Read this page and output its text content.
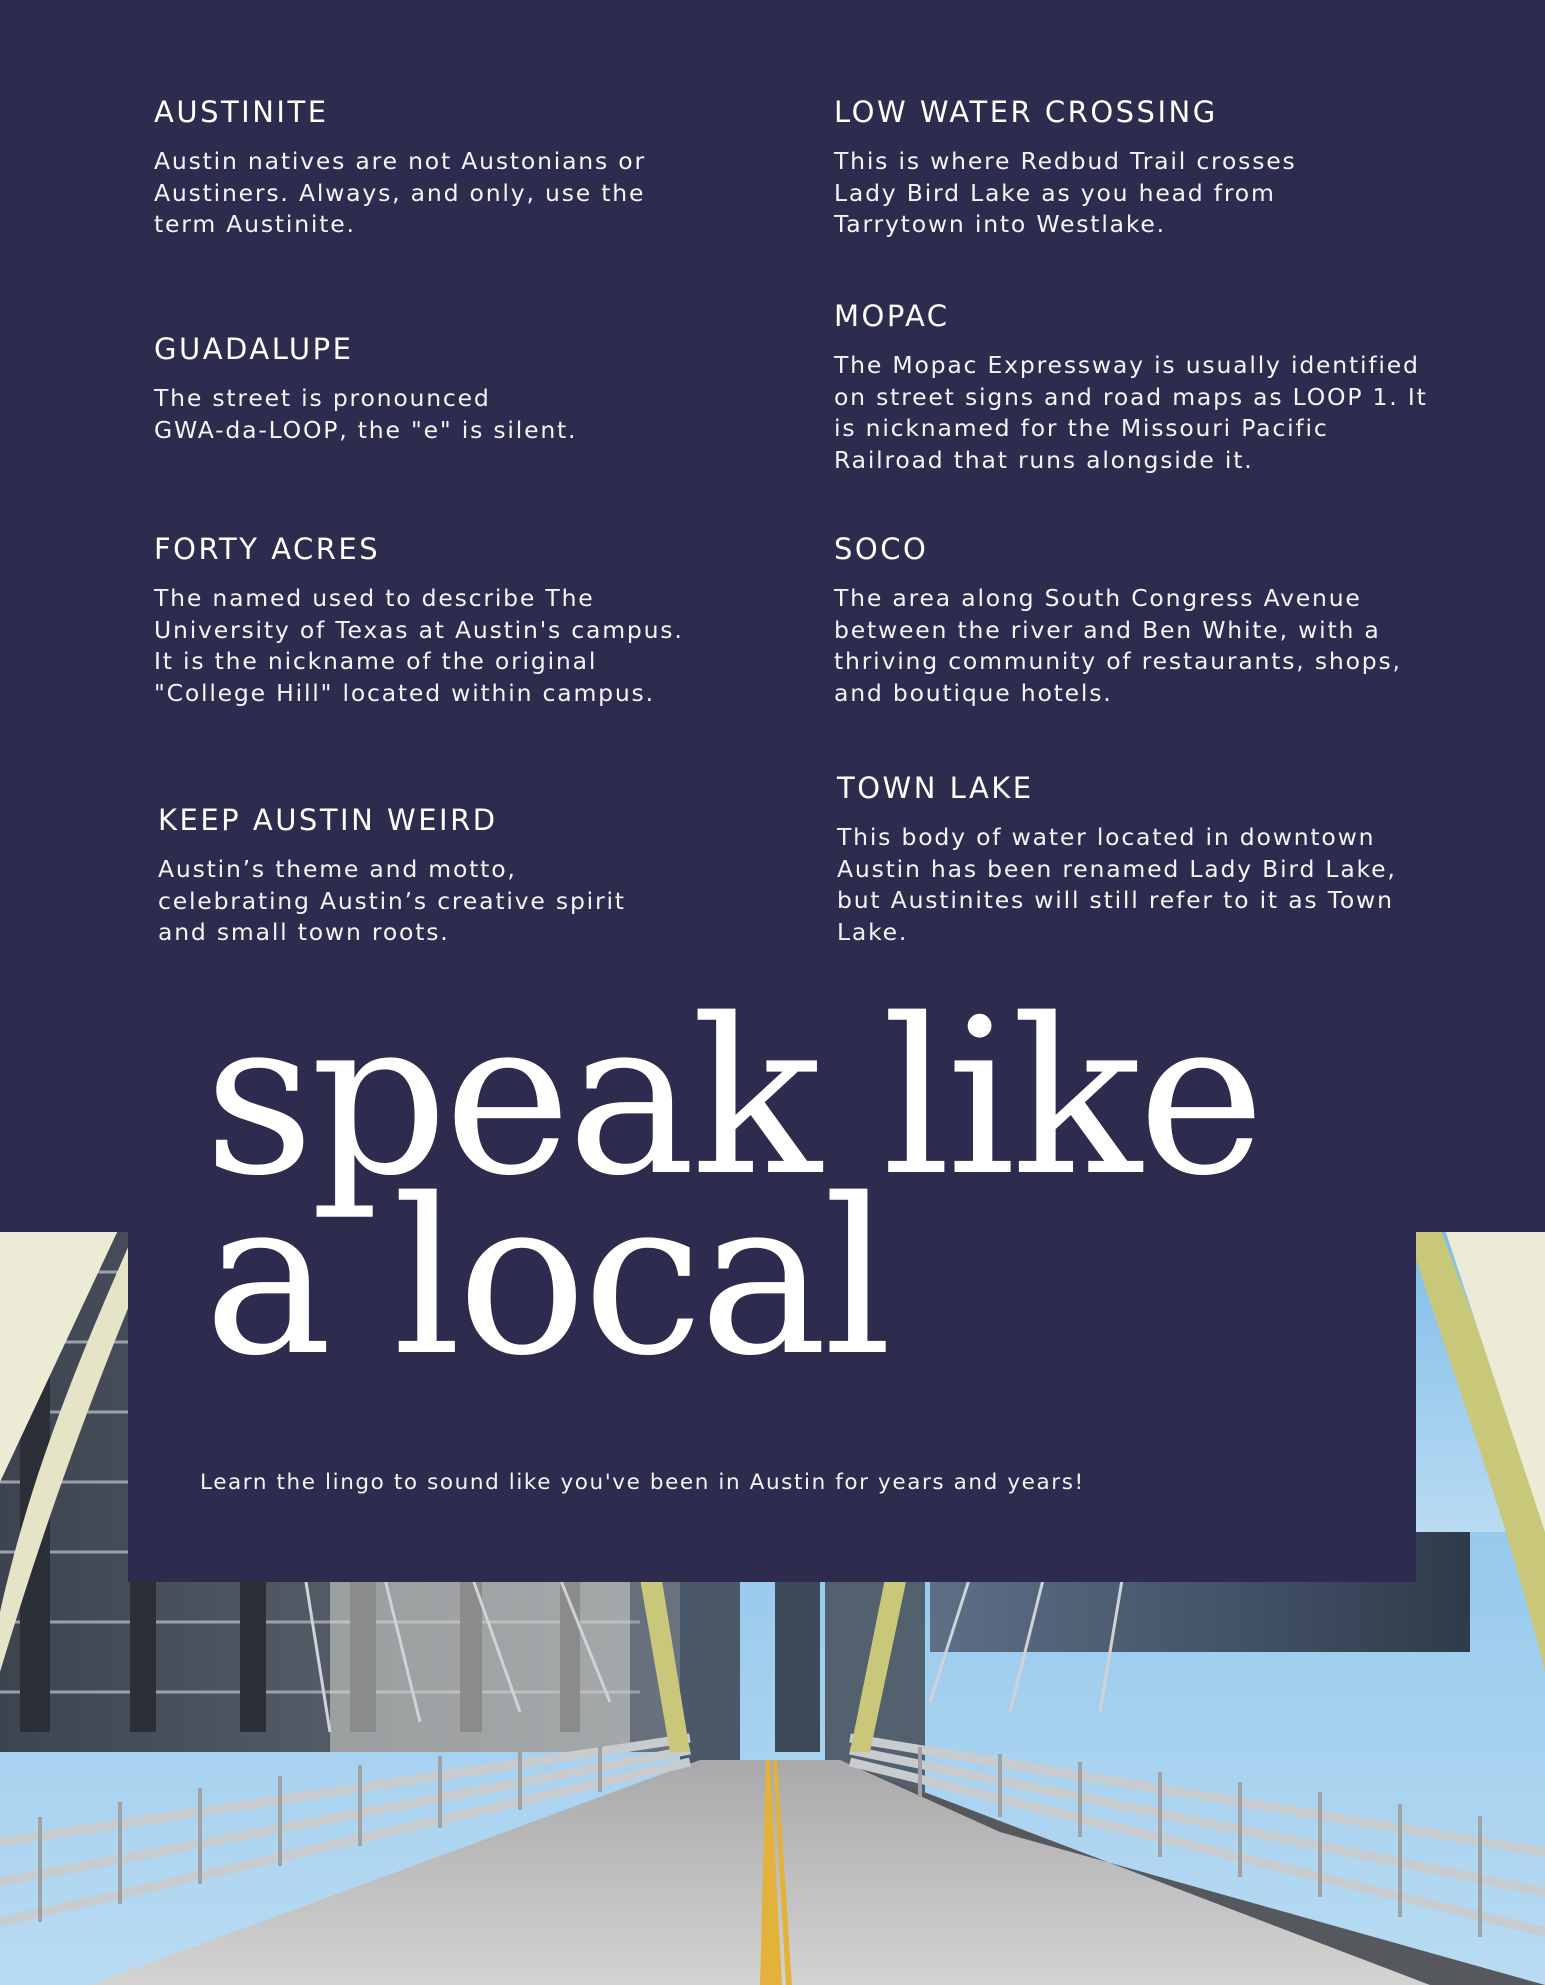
AUSTINITE

Austin natives are not Austonians or
Austiners. Always, and only, use the
term Austinite.

GUADALUPE

The street is pronounced
GWA-da-LOOP, the "e" is silent.

FORTY ACRES

The named used to describe The
University of Texas at Austin's campus.
It is the nickname of the original
"College Hill" located within campus.

KEEP AUSTIN WEIRD

Austin’s theme and motto,
celebrating Austin’s creative spirit
and small town roots.

LOW WATER CROSSING

This is where Redbud Trail crosses
Lady Bird Lake as you head from
Tarrytown into Westlake.

MOPAC

The Mopac Expressway is usually identified
on street signs and road maps as LOOP 1. It
is nicknamed for the Missouri Pacific
Railroad that runs alongside it.

SOCO

The area along South Congress Avenue
between the river and Ben White, with a
thriving community of restaurants, shops,
and boutique hotels.

TOWN LAKE

This body of water located in downtown
Austin has been renamed Lady Bird Lake,
but Austinites will still refer to it as Town
Lake.

speak like
a local

Learn the lingo to sound like you've been in Austin for years and years!
